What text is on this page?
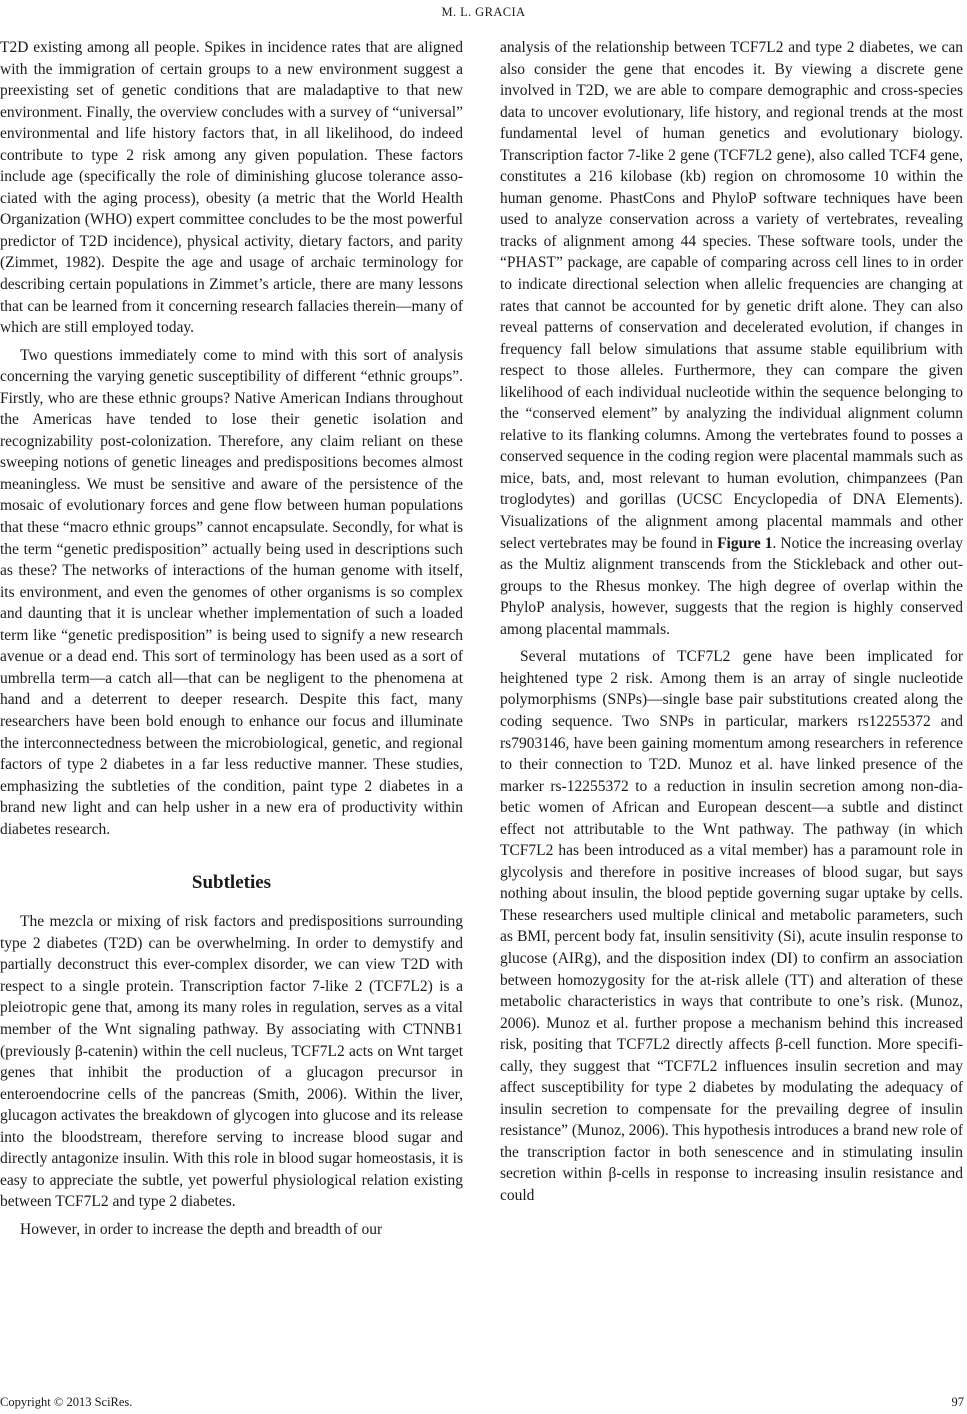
M. L. GRACIA

T2D existing among all people. Spikes in incidence rates that are aligned with the immigration of certain groups to a new environment suggest a preexisting set of genetic conditions that are maladaptive to that new environment. Finally, the overview concludes with a survey of “universal” environmental and life history factors that, in all likelihood, do indeed contribute to type 2 risk among any given population. These factors include age (specifically the role of diminishing glucose tolerance associated with the aging process), obesity (a metric that the World Health Organization (WHO) expert committee concludes to be the most powerful predictor of T2D incidence), physical activity, dietary factors, and parity (Zimmet, 1982). Despite the age and usage of archaic terminology for describing certain populations in Zimmet’s article, there are many lessons that can be learned from it concerning research fallacies therein—many of which are still employed today.

Two questions immediately come to mind with this sort of analysis concerning the varying genetic susceptibility of different “ethnic groups”. Firstly, who are these ethnic groups? Native American Indians throughout the Americas have tended to lose their genetic isolation and recognizability post-colonization. Therefore, any claim reliant on these sweeping notions of genetic lineages and predispositions becomes almost meaningless. We must be sensitive and aware of the persistence of the mosaic of evolutionary forces and gene flow between human populations that these “macro ethnic groups” cannot encapsulate. Secondly, for what is the term “genetic predisposition” actually being used in descriptions such as these? The networks of interactions of the human genome with itself, its environment, and even the genomes of other organisms is so complex and daunting that it is unclear whether implementation of such a loaded term like “genetic predisposition” is being used to signify a new research avenue or a dead end. This sort of terminology has been used as a sort of umbrella term—a catch all—that can be negligent to the phenomena at hand and a deterrent to deeper research. Despite this fact, many researchers have been bold enough to enhance our focus and illuminate the interconnectedness between the microbiological, genetic, and regional factors of type 2 diabetes in a far less reductive manner. These studies, emphasizing the subtleties of the condition, paint type 2 diabetes in a brand new light and can help usher in a new era of productivity within diabetes research.

Subtleties

The mezcla or mixing of risk factors and predispositions surrounding type 2 diabetes (T2D) can be overwhelming. In order to demystify and partially deconstruct this ever-complex disorder, we can view T2D with respect to a single protein. Transcription factor 7-like 2 (TCF7L2) is a pleiotropic gene that, among its many roles in regulation, serves as a vital member of the Wnt signaling pathway. By associating with CTNNB1 (previously β-catenin) within the cell nucleus, TCF7L2 acts on Wnt target genes that inhibit the production of a glucagon precursor in enteroendocrine cells of the pancreas (Smith, 2006). Within the liver, glucagon activates the breakdown of glycogen into glucose and its release into the bloodstream, therefore serving to increase blood sugar and directly antagonize insulin. With this role in blood sugar homeostasis, it is easy to appreciate the subtle, yet powerful physiological relation existing between TCF7L2 and type 2 diabetes.

However, in order to increase the depth and breadth of our

analysis of the relationship between TCF7L2 and type 2 diabetes, we can also consider the gene that encodes it. By viewing a discrete gene involved in T2D, we are able to compare demographic and cross-species data to uncover evolutionary, life history, and regional trends at the most fundamental level of human genetics and evolutionary biology. Transcription factor 7-like 2 gene (TCF7L2 gene), also called TCF4 gene, constitutes a 216 kilobase (kb) region on chromosome 10 within the human genome. PhastCons and PhyloP software techniques have been used to analyze conservation across a variety of vertebrates, revealing tracks of alignment among 44 species. These software tools, under the “PHAST” package, are capable of comparing across cell lines to in order to indicate directional selection when allelic frequencies are changing at rates that cannot be accounted for by genetic drift alone. They can also reveal patterns of conservation and decelerated evolution, if changes in frequency fall below simulations that assume stable equilibrium with respect to those alleles. Furthermore, they can compare the given likelihood of each individual nucleotide within the sequence belonging to the “conserved element” by analyzing the individual alignment column relative to its flanking columns. Among the vertebrates found to posses a conserved sequence in the coding region were placental mammals such as mice, bats, and, most relevant to human evolution, chimpanzees (Pan troglodytes) and gorillas (UCSC Encyclopedia of DNA Elements). Visualizations of the alignment among placental mammals and other select vertebrates may be found in Figure 1. Notice the increasing overlay as the Multiz alignment transcends from the Stickleback and other out-groups to the Rhesus monkey. The high degree of overlap within the PhyloP analysis, however, suggests that the region is highly conserved among placental mammals.

Several mutations of TCF7L2 gene have been implicated for heightened type 2 risk. Among them is an array of single nucleotide polymorphisms (SNPs)—single base pair substitutions created along the coding sequence. Two SNPs in particular, markers rs12255372 and rs7903146, have been gaining momentum among researchers in reference to their connection to T2D. Munoz et al. have linked presence of the marker rs-12255372 to a reduction in insulin secretion among non-diabetic women of African and European descent—a subtle and distinct effect not attributable to the Wnt pathway. The pathway (in which TCF7L2 has been introduced as a vital member) has a paramount role in glycolysis and therefore in positive increases of blood sugar, but says nothing about insulin, the blood peptide governing sugar uptake by cells. These researchers used multiple clinical and metabolic parameters, such as BMI, percent body fat, insulin sensitivity (Si), acute insulin response to glucose (AIRg), and the disposition index (DI) to confirm an association between homozygosity for the at-risk allele (TT) and alteration of these metabolic characteristics in ways that contribute to one’s risk. (Munoz, 2006). Munoz et al. further propose a mechanism behind this increased risk, positing that TCF7L2 directly affects β-cell function. More specifically, they suggest that “TCF7L2 influences insulin secretion and may affect susceptibility for type 2 diabetes by modulating the adequacy of insulin secretion to compensate for the prevailing degree of insulin resistance” (Munoz, 2006). This hypothesis introduces a brand new role of the transcription factor in both senescence and in stimulating insulin secretion within β-cells in response to increasing insulin resistance and could

Copyright © 2013 SciRes.	97
